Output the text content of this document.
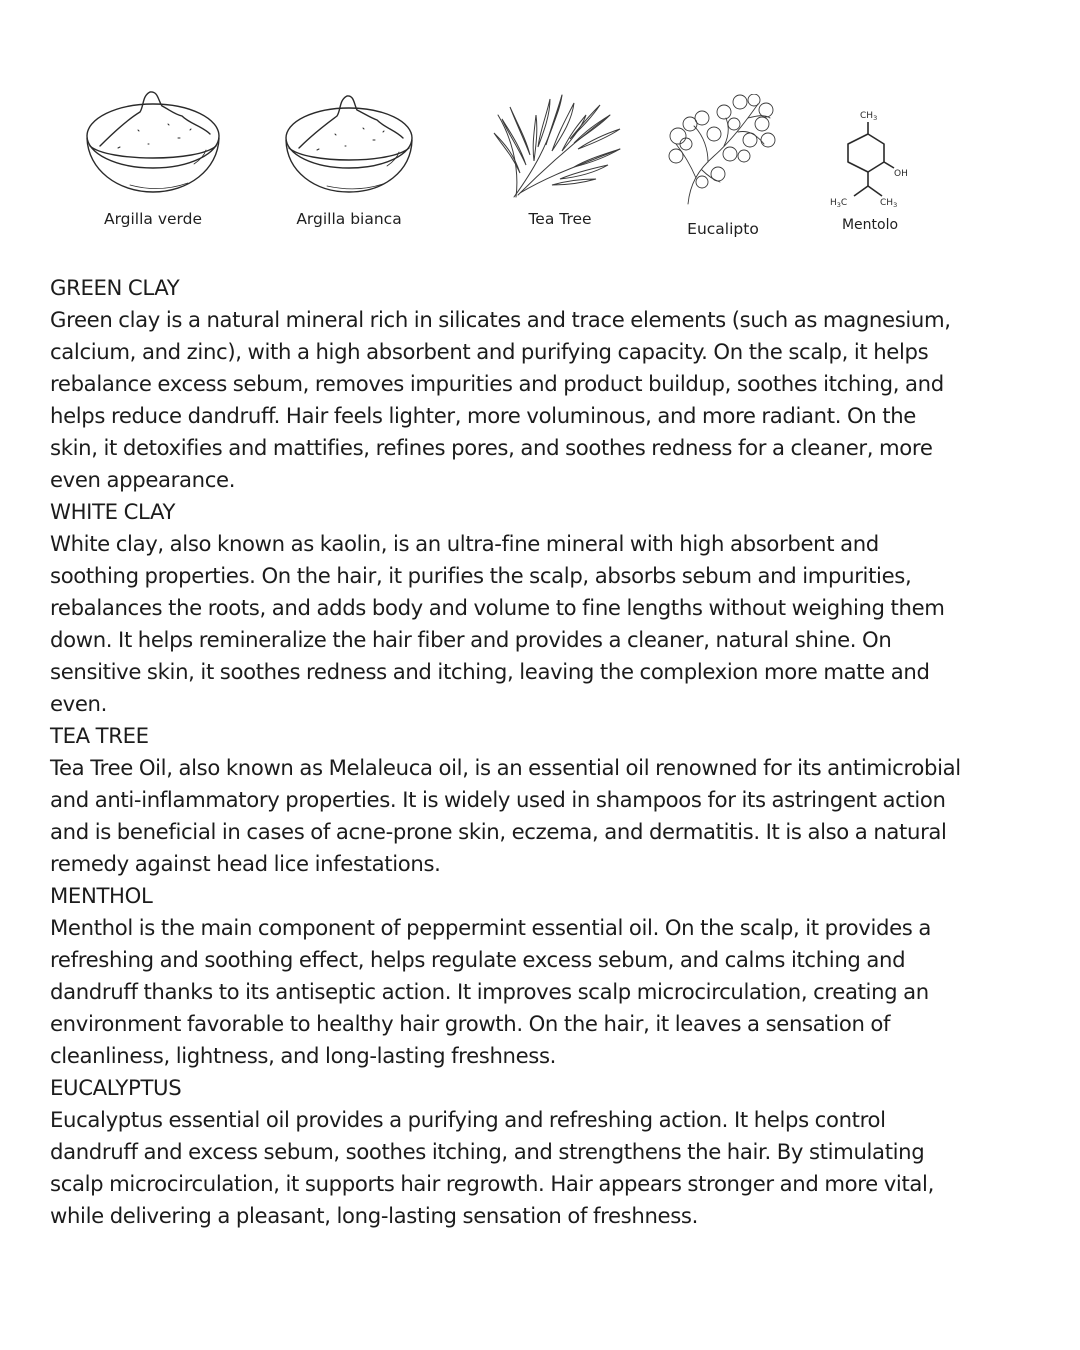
Argilla verde	Argilla bianca	Tea Tree
Eucalipto
$CH_3$
OH
$H_3C$	$CH_3$
Mentolo
GREEN CLAY

Green clay is a natural mineral rich in silicates and trace elements (such as magnesium,
calcium, and zinc), with a high absorbent and purifying capacity. On the scalp, it helps
rebalance excess sebum, removes impurities and product buildup, soothes itching, and
helps reduce dandruff. Hair feels lighter, more voluminous, and more radiant. On the
skin, it detoxifies and mattifies, refines pores, and soothes redness for a cleaner, more
even appearance.

WHITE CLAY

White clay, also known as kaolin, is an ultra-fine mineral with high absorbent and
soothing properties. On the hair, it purifies the scalp, absorbs sebum and impurities,
rebalances the roots, and adds body and volume to fine lengths without weighing them
down. It helps remineralize the hair fiber and provides a cleaner, natural shine. On
sensitive skin, it soothes redness and itching, leaving the complexion more matte and
even.

TEA TREE

Tea Tree Oil, also known as Melaleuca oil, is an essential oil renowned for its antimicrobial
and anti-inflammatory properties. It is widely used in shampoos for its astringent action
and is beneficial in cases of acne-prone skin, eczema, and dermatitis. It is also a natural
remedy against head lice infestations.

MENTHOL

Menthol is the main component of peppermint essential oil. On the scalp, it provides a
refreshing and soothing effect, helps regulate excess sebum, and calms itching and
dandruff thanks to its antiseptic action. It improves scalp microcirculation, creating an
environment favorable to healthy hair growth. On the hair, it leaves a sensation of
cleanliness, lightness, and long-lasting freshness.

EUCALYPTUS

Eucalyptus essential oil provides a purifying and refreshing action. It helps control
dandruff and excess sebum, soothes itching, and strengthens the hair. By stimulating
scalp microcirculation, it supports hair regrowth. Hair appears stronger and more vital,
while delivering a pleasant, long-lasting sensation of freshness.
